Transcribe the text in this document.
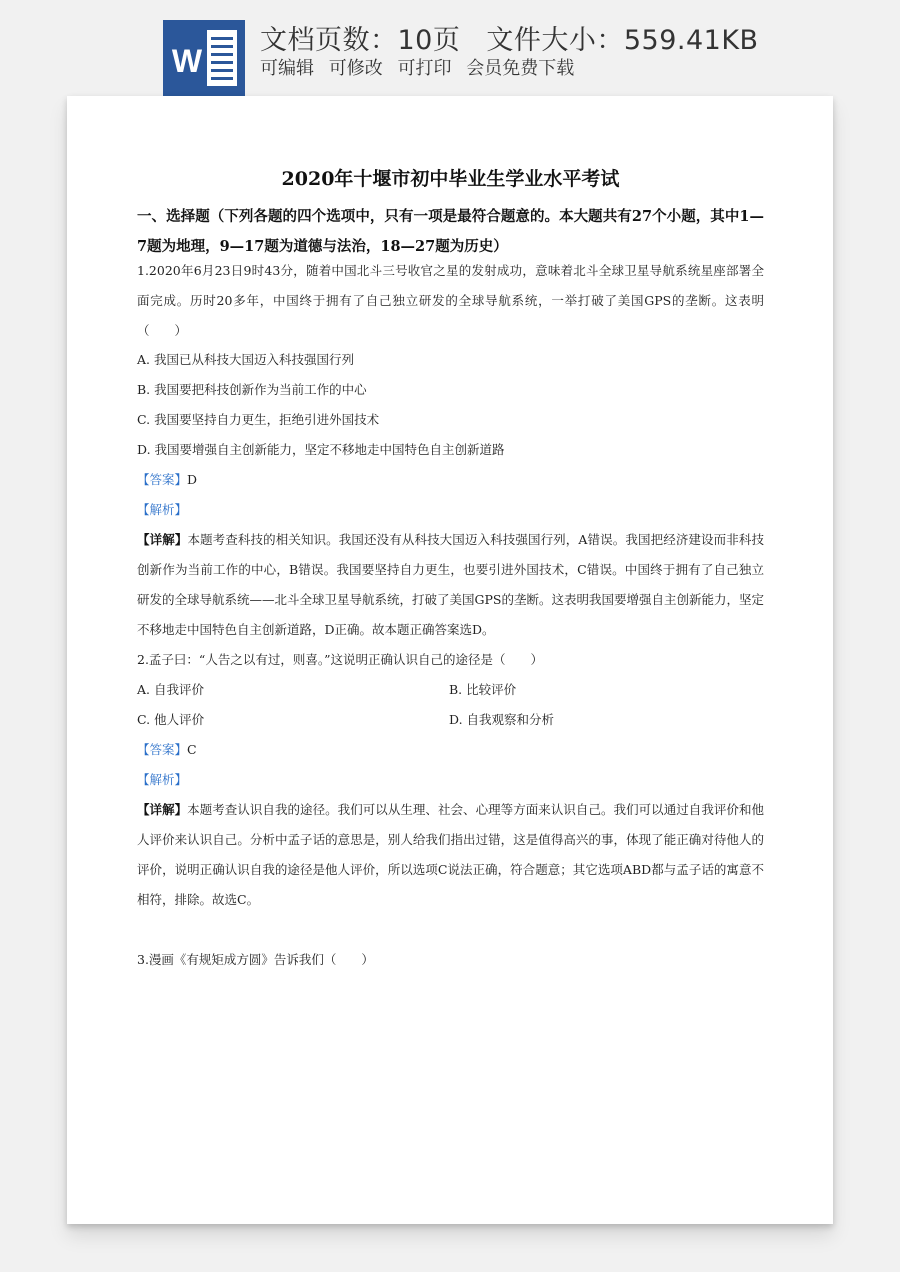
W
文档页数：10页 文件大小：559.41KB
可编辑 可修改 可打印 会员免费下载
2020年十堰市初中毕业生学业水平考试
一、选择题（下列各题的四个选项中，只有一项是最符合题意的。本大题共有27个小题，其中1—7题为地理，9—17题为道德与法治，18—27题为历史）
1.2020年6月23日9时43分，随着中国北斗三号收官之星的发射成功，意味着北斗全球卫星导航系统星座部署全面完成。历时20多年，中国终于拥有了自己独立研发的全球导航系统，一举打破了美国GPS的垄断。这表明（　　）
A. 我国已从科技大国迈入科技强国行列
B. 我国要把科技创新作为当前工作的中心
C. 我国要坚持自力更生，拒绝引进外国技术
D. 我国要增强自主创新能力，坚定不移地走中国特色自主创新道路
【答案】D
【解析】
【详解】本题考查科技的相关知识。我国还没有从科技大国迈入科技强国行列，A错误。我国把经济建设而非科技创新作为当前工作的中心，B错误。我国要坚持自力更生，也要引进外国技术，C错误。中国终于拥有了自己独立研发的全球导航系统——北斗全球卫星导航系统，打破了美国GPS的垄断。这表明我国要增强自主创新能力，坚定不移地走中国特色自主创新道路，D正确。故本题正确答案选D。
2.孟子曰：“人告之以有过，则喜。”这说明正确认识自己的途径是（　　）
A. 自我评价	B. 比较评价
C. 他人评价	D. 自我观察和分析
【答案】C
【解析】
【详解】本题考查认识自我的途径。我们可以从生理、社会、心理等方面来认识自己。我们可以通过自我评价和他人评价来认识自己。分析中孟子话的意思是，别人给我们指出过错，这是值得高兴的事，体现了能正确对待他人的评价，说明正确认识自我的途径是他人评价，所以选项C说法正确，符合题意；其它选项ABD都与孟子话的寓意不相符，排除。故选C。
3.漫画《有规矩成方圆》告诉我们（　　）
